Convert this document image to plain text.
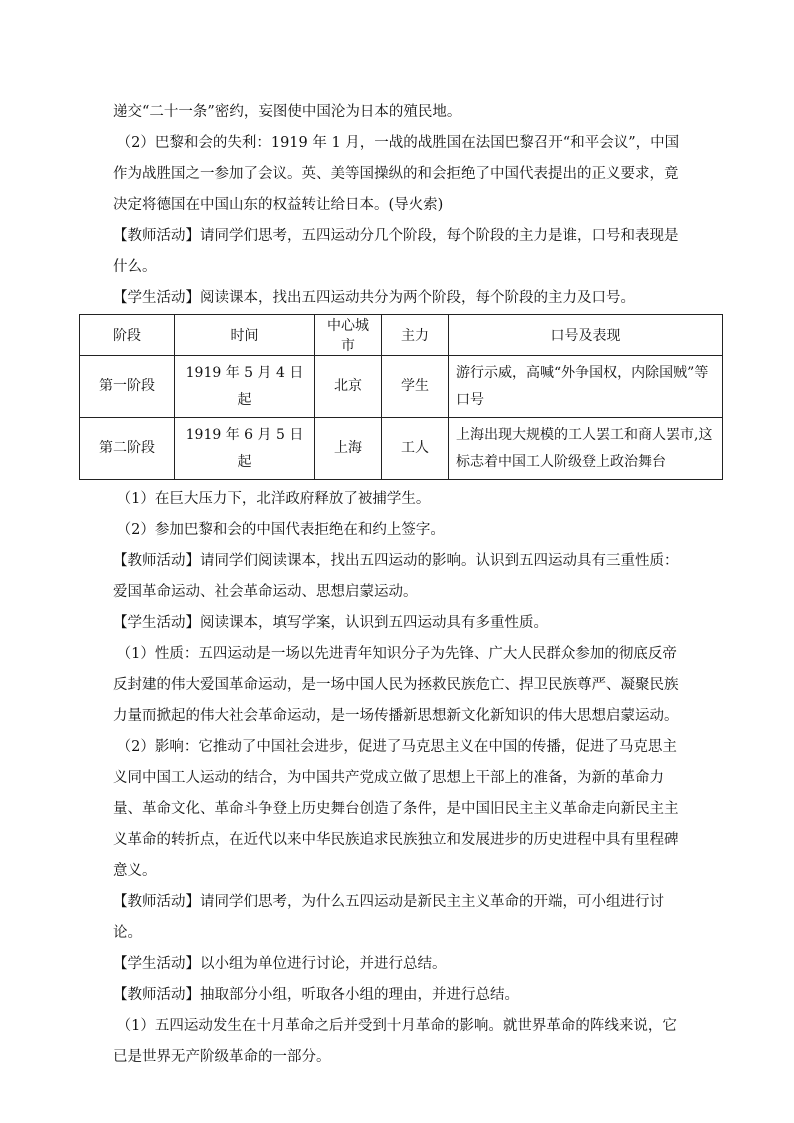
递交“二十一条”密约，妄图使中国沦为日本的殖民地。

（2）巴黎和会的失利：1919 年 1 月，一战的战胜国在法国巴黎召开“和平会议”，中国作为战胜国之一参加了会议。英、美等国操纵的和会拒绝了中国代表提出的正义要求，竟决定将德国在中国山东的权益转让给日本。(导火索)

【教师活动】请同学们思考，五四运动分几个阶段，每个阶段的主力是谁，口号和表现是什么。

【学生活动】阅读课本，找出五四运动共分为两个阶段，每个阶段的主力及口号。

阶段	时间	中心城市	主力	口号及表现
第一阶段	1919 年 5 月 4 日起	北京	学生	游行示威，高喊“外争国权，内除国贼”等口号
第二阶段	1919 年 6 月 5 日起	上海	工人	上海出现大规模的工人罢工和商人罢市,这标志着中国工人阶级登上政治舞台

（1）在巨大压力下，北洋政府释放了被捕学生。

（2）参加巴黎和会的中国代表拒绝在和约上签字。

【教师活动】请同学们阅读课本，找出五四运动的影响。认识到五四运动具有三重性质：爱国革命运动、社会革命运动、思想启蒙运动。

【学生活动】阅读课本，填写学案，认识到五四运动具有多重性质。

（1）性质：五四运动是一场以先进青年知识分子为先锋、广大人民群众参加的彻底反帝反封建的伟大爱国革命运动，是一场中国人民为拯救民族危亡、捍卫民族尊严、凝聚民族力量而掀起的伟大社会革命运动，是一场传播新思想新文化新知识的伟大思想启蒙运动。

（2）影响：它推动了中国社会进步，促进了马克思主义在中国的传播，促进了马克思主义同中国工人运动的结合，为中国共产党成立做了思想上干部上的准备，为新的革命力量、革命文化、革命斗争登上历史舞台创造了条件，是中国旧民主主义革命走向新民主主义革命的转折点，在近代以来中华民族追求民族独立和发展进步的历史进程中具有里程碑意义。

【教师活动】请同学们思考，为什么五四运动是新民主主义革命的开端，可小组进行讨论。

【学生活动】以小组为单位进行讨论，并进行总结。

【教师活动】抽取部分小组，听取各小组的理由，并进行总结。

（1）五四运动发生在十月革命之后并受到十月革命的影响。就世界革命的阵线来说，它已是世界无产阶级革命的一部分。
